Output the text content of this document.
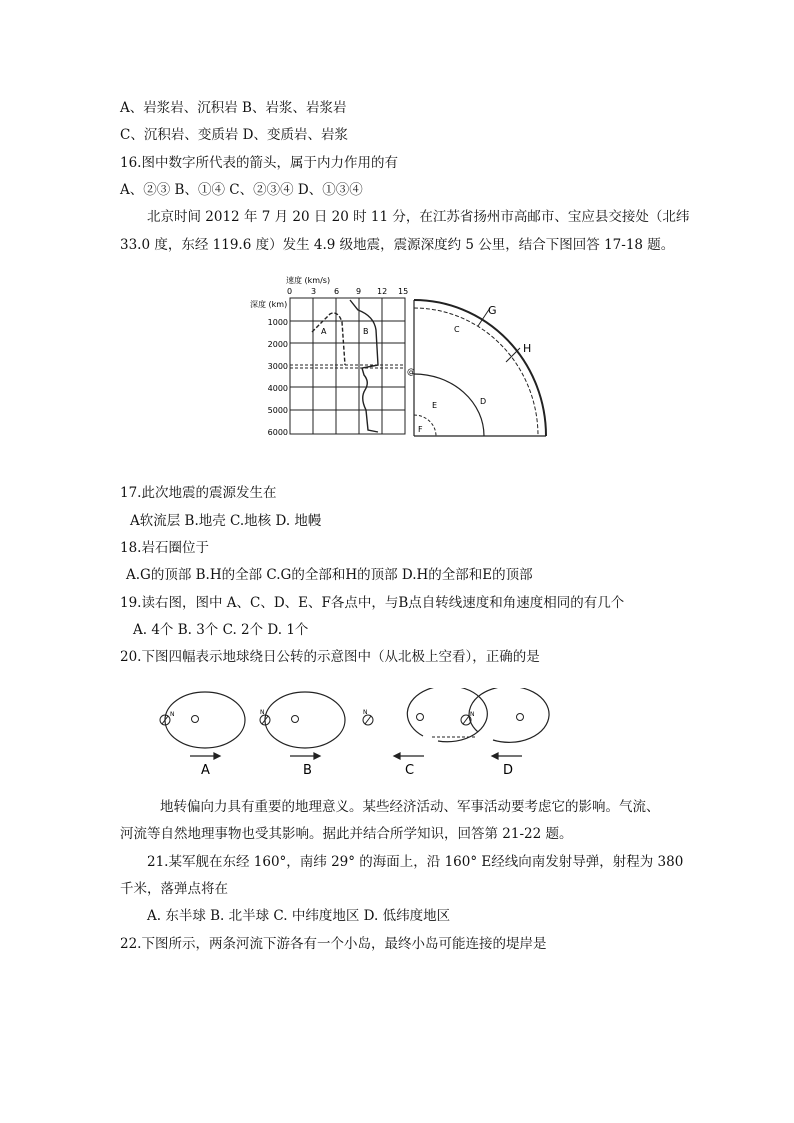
A、岩浆岩、沉积岩 B、岩浆、岩浆岩
C、沉积岩、变质岩 D、变质岩、岩浆
16.图中数字所代表的箭头，属于内力作用的有
A、②③ B、①④ C、②③④ D、①③④
北京时间 2012 年 7 月 20 日 20 时 11 分，在江苏省扬州市高邮市、宝应县交接处（北纬
33.0 度，东经 119.6 度）发生 4.9 级地震，震源深度约 5 公里，结合下图回答 17-18 题。
速度 (km/s)
0 3 6 9 12 15
深度 (km)
1000
2000
3000
4000
5000
6000
A	B
@
G
H
C
D
E
F
17.此次地震的震源发生在
A软流层 B.地壳 C.地核 D. 地幔
18.岩石圈位于
A.G的顶部 B.H的全部 C.G的全部和H的顶部 D.H的全部和E的顶部
19.读右图，图中 A、C、D、E、F各点中，与B点自转线速度和角速度相同的有几个
A. 4个 B. 3个 C. 2个 D. 1个
20.下图四幅表示地球绕日公转的示意图中（从北极上空看），正确的是
N	N	N	N
A	B	C	D
地转偏向力具有重要的地理意义。某些经济活动、军事活动要考虑它的影响。气流、
河流等自然地理事物也受其影响。据此并结合所学知识，回答第 21-22 题。
21.某军舰在东经 160°，南纬 29° 的海面上，沿 160° E经线向南发射导弹，射程为 380
千米，落弹点将在
A. 东半球 B. 北半球 C. 中纬度地区 D. 低纬度地区
22.下图所示，两条河流下游各有一个小岛，最终小岛可能连接的堤岸是
